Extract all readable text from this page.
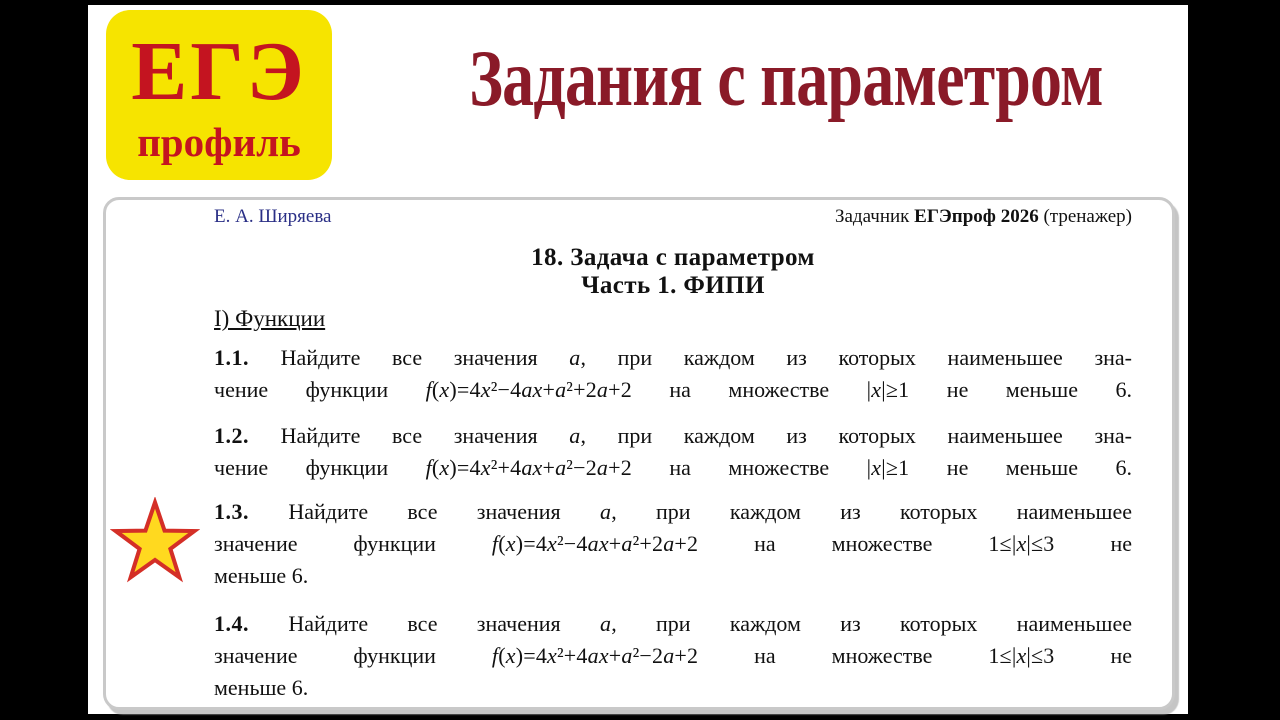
ЕГЭ
профиль
Задания с параметром
Е. А. Ширяева	Задачник ЕГЭпроф 2026 (тренажер)
18. Задача с параметром
Часть 1. ФИПИ
I) Функции
1.1. Найдите все значения a, при каждом из которых наименьшее зна-
чение функции f(x)=4x²−4ax+a²+2a+2 на множестве |x|≥1 не меньше 6.
1.2. Найдите все значения a, при каждом из которых наименьшее зна-
чение функции f(x)=4x²+4ax+a²−2a+2 на множестве |x|≥1 не меньше 6.
1.3. Найдите все значения a, при каждом из которых наименьшее
значение функции f(x)=4x²−4ax+a²+2a+2 на множестве 1≤|x|≤3 не
меньше 6.
1.4. Найдите все значения a, при каждом из которых наименьшее
значение функции f(x)=4x²+4ax+a²−2a+2 на множестве 1≤|x|≤3 не
меньше 6.
